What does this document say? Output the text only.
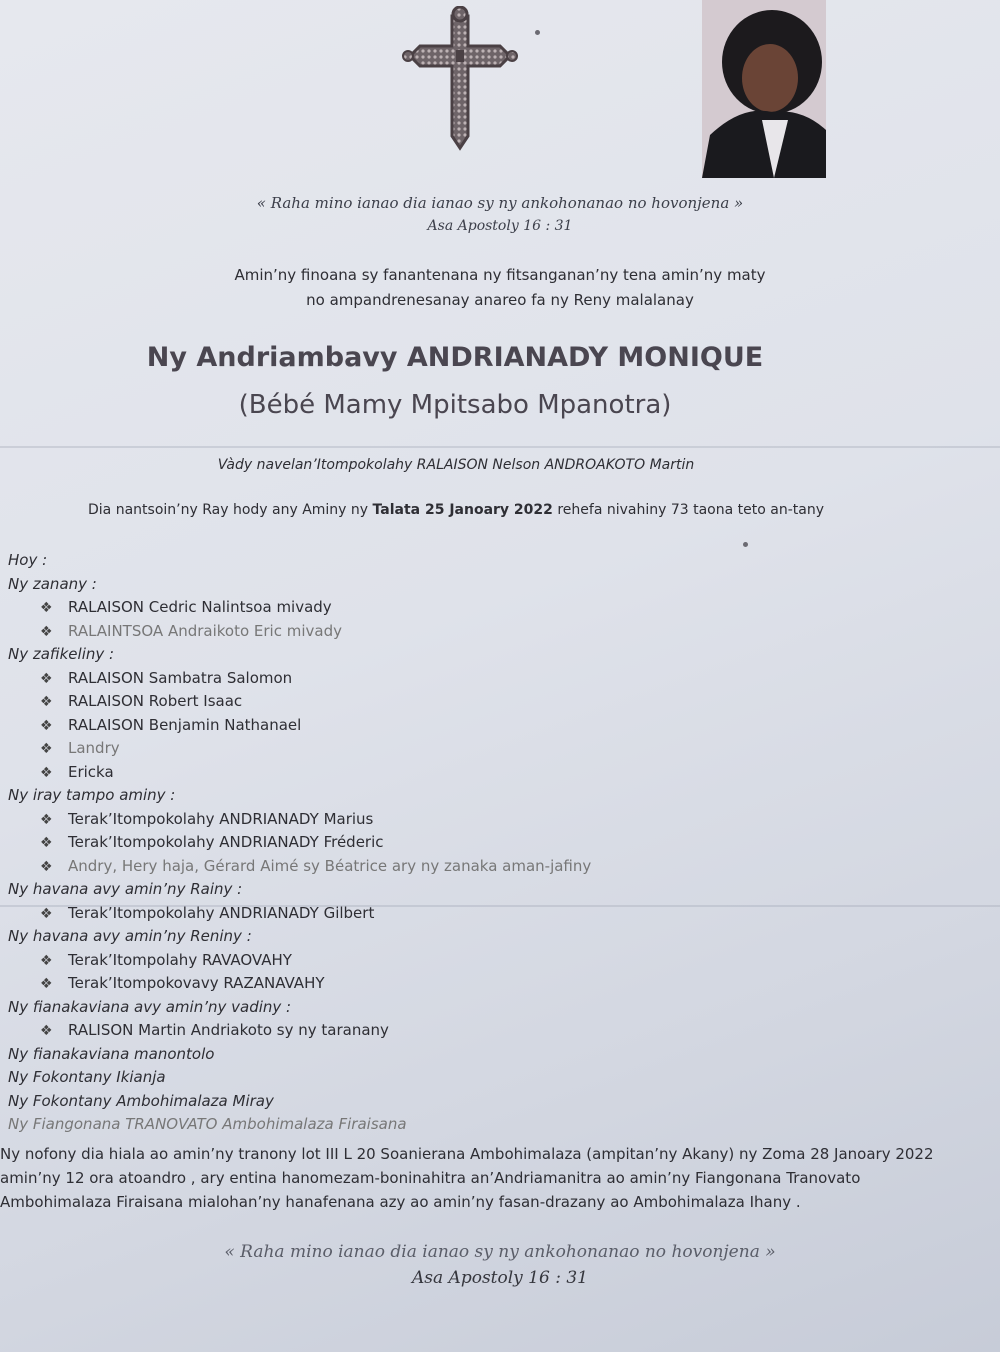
« Raha mino ianao dia ianao sy ny ankohonanao no hovonjena »
Asa Apostoly 16 : 31
Amin’ny finoana sy fanantenana ny fitsanganan’ny tena amin’ny maty
no ampandrenesanay anareo fa ny Reny malalanay
Ny Andriambavy ANDRIANADY MONIQUE
(Bébé Mamy Mpitsabo Mpanotra)
Vàdy navelan’Itompokolahy RALAISON Nelson ANDROAKOTO Martin
Dia nantsoin’ny Ray hody any Aminy ny Talata 25 Janoary 2022 rehefa nivahiny 73 taona teto an-tany
Hoy :
Ny zanany :
❖ RALAISON Cedric Nalintsoa mivady
❖ RALAINTSOA Andraikoto Eric mivady
Ny zafikeliny :
❖ RALAISON Sambatra Salomon
❖ RALAISON Robert Isaac
❖ RALAISON Benjamin Nathanael
❖ Landry
❖ Ericka
Ny iray tampo aminy :
❖ Terak’Itompokolahy ANDRIANADY Marius
❖ Terak’Itompokolahy ANDRIANADY Fréderic
❖ Andry, Hery haja, Gérard Aimé sy Béatrice ary ny zanaka aman-jafiny
Ny havana avy amin’ny Rainy :
❖ Terak’Itompokolahy ANDRIANADY Gilbert
Ny havana avy amin’ny Reniny :
❖ Terak’Itompolahy RAVAOVAHY
❖ Terak’Itompokovavy RAZANAVAHY
Ny fianakaviana avy amin’ny vadiny :
❖ RALISON Martin Andriakoto sy ny taranany
Ny fianakaviana manontolo
Ny Fokontany Ikianja
Ny Fokontany Ambohimalaza Miray
Ny Fiangonana TRANOVATO Ambohimalaza Firaisana
Ny nofony dia hiala ao amin’ny tranony lot III L 20 Soanierana Ambohimalaza (ampitan’ny Akany) ny Zoma 28 Janoary 2022
amin’ny 12 ora atoandro , ary entina hanomezam-boninahitra an’Andriamanitra ao amin’ny Fiangonana Tranovato
Ambohimalaza Firaisana mialohan’ny hanafenana azy ao amin’ny fasan-drazany ao Ambohimalaza Ihany .
« Raha mino ianao dia ianao sy ny ankohonanao no hovonjena »
Asa Apostoly 16 : 31
